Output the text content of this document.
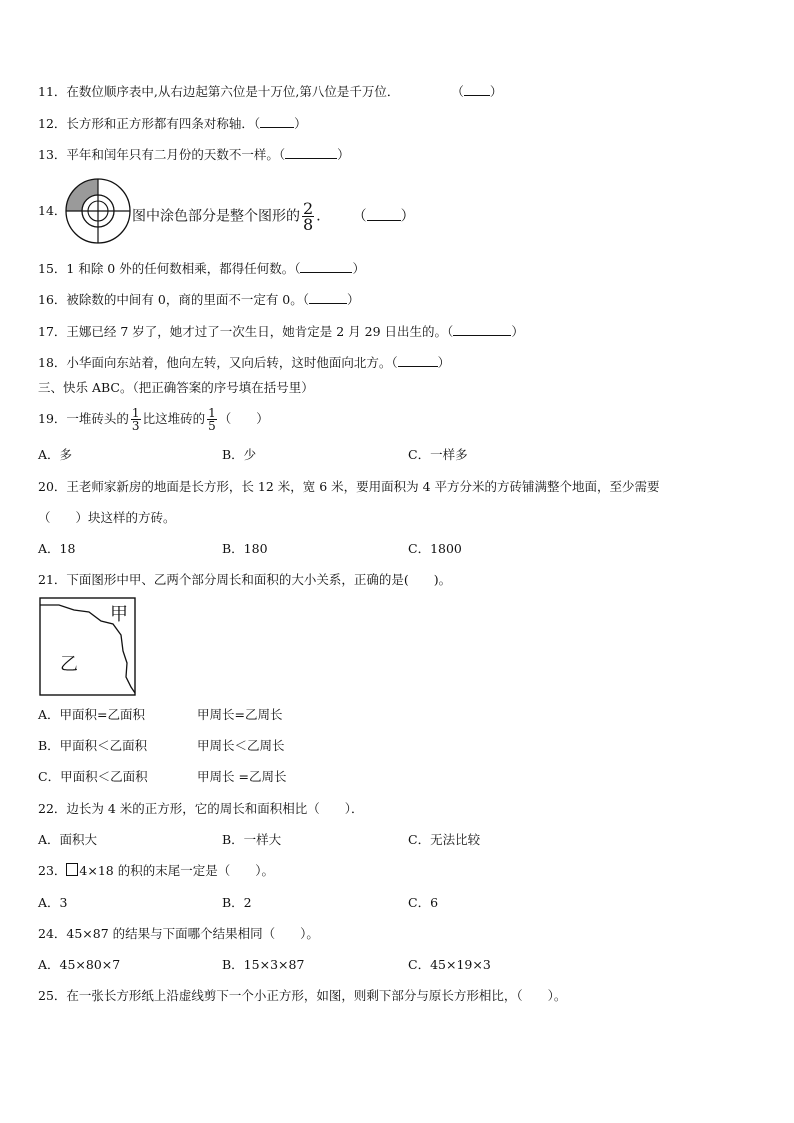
11．在数位顺序表中,从右边起第六位是十万位,第八位是千万位．	（ ）
12．长方形和正方形都有四条对称轴．（	）
13．平年和闰年只有二月份的天数不一样。（	）
14．	图中涂色部分是整个图形的 $\frac{2}{8}$ ． （ ）
15．1 和除 0 外的任何数相乘，都得任何数。（	）
16．被除数的中间有 0，商的里面不一定有 0。（	）
17．王娜已经 7 岁了，她才过了一次生日，她肯定是 2 月 29 日出生的。（	）
18．小华面向东站着，他向左转，又向后转，这时他面向北方。（	）
三、快乐 ABC。（把正确答案的序号填在括号里）
19．一堆砖头的 $\frac{1}{3}$ 比这堆砖的 $\frac{1}{5}$ （　　）
A．多	B．少	C．一样多
20．王老师家新房的地面是长方形，长 12 米，宽 6 米，要用面积为 4 平方分米的方砖铺满整个地面，至少需要
（　　）块这样的方砖。
A．18	B．180	C．1800
21．下面图形中甲、乙两个部分周长和面积的大小关系，正确的是(　　)。
甲
乙
A．甲面积=乙面积	甲周长=乙周长
B．甲面积＜乙面积	甲周长＜乙周长
C．甲面积＜乙面积	甲周长 =乙周长
22．边长为 4 米的正方形，它的周长和面积相比（　　）．
A．面积大	B．一样大	C．无法比较
23． 4×18 的积的末尾一定是（　　）。
A．3	B．2	C．6
24．45×87 的结果与下面哪个结果相同（　　）。
A．45×80×7	B．15×3×87	C．45×19×3
25．在一张长方形纸上沿虚线剪下一个小正方形，如图，则剩下部分与原长方形相比，（　　）。
